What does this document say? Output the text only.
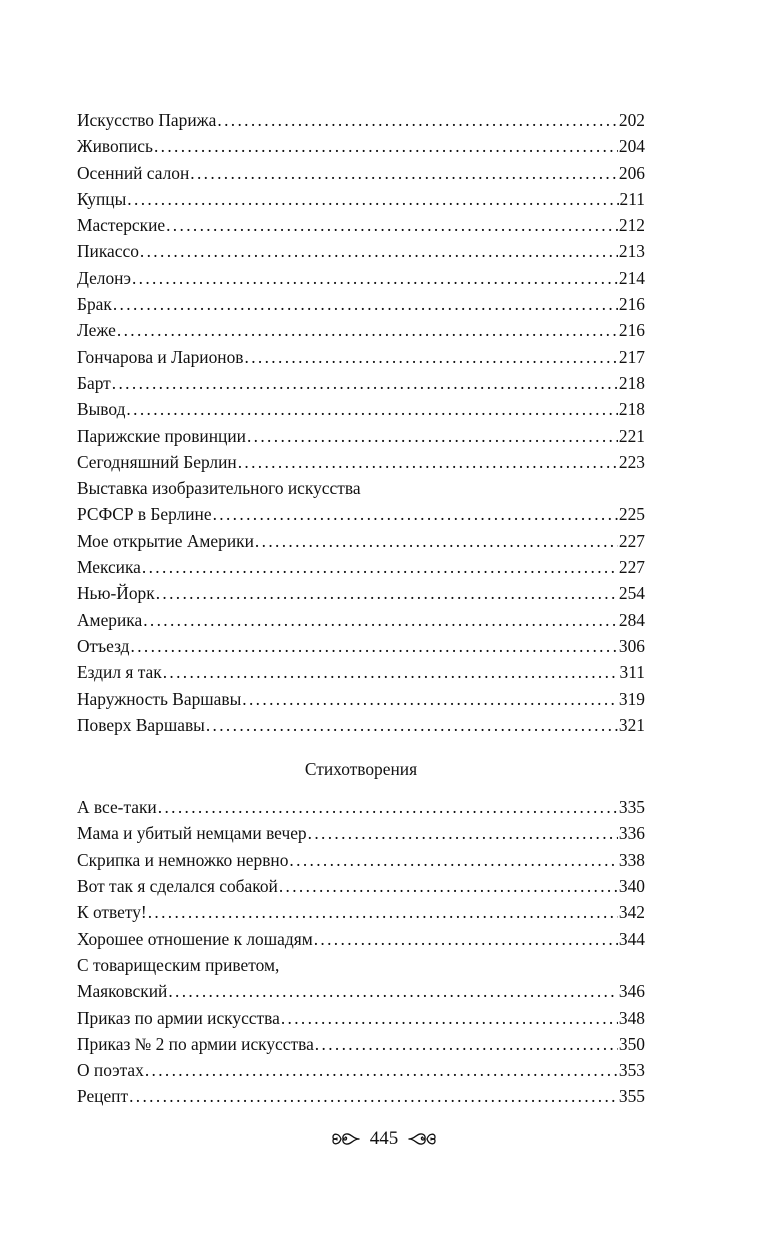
Искусство Парижа . . .	202
Живопись . . .	204
Осенний салон . . .	206
Купцы . . .	211
Мастерские . . .	212
Пикассо . . .	213
Делонэ . . .	214
Брак . . .	216
Леже . . .	216
Гончарова и Ларионов . . .	217
Барт . . .	218
Вывод . . .	218
Парижские провинции . . .	221
Сегодняшний Берлин . . .	223
Выставка изобразительного искусства
РСФСР в Берлине . . .	225
Мое открытие Америки . . .	227
Мексика . . .	227
Нью-Йорк . . .	254
Америка . . .	284
Отъезд . . .	306
Ездил я так . . .	311
Наружность Варшавы . . .	319
Поверх Варшавы . . .	321
Стихотворения
А все-таки . . .	335
Мама и убитый немцами вечер . . .	336
Скрипка и немножко нервно . . .	338
Вот так я сделался собакой . . .	340
К ответу! . . .	342
Хорошее отношение к лошадям . . .	344
С товарищеским приветом,
Маяковский . . .	346
Приказ по армии искусства . . .	348
Приказ № 2 по армии искусства . . .	350
О поэтах . . .	353
Рецепт . . .	355
445
